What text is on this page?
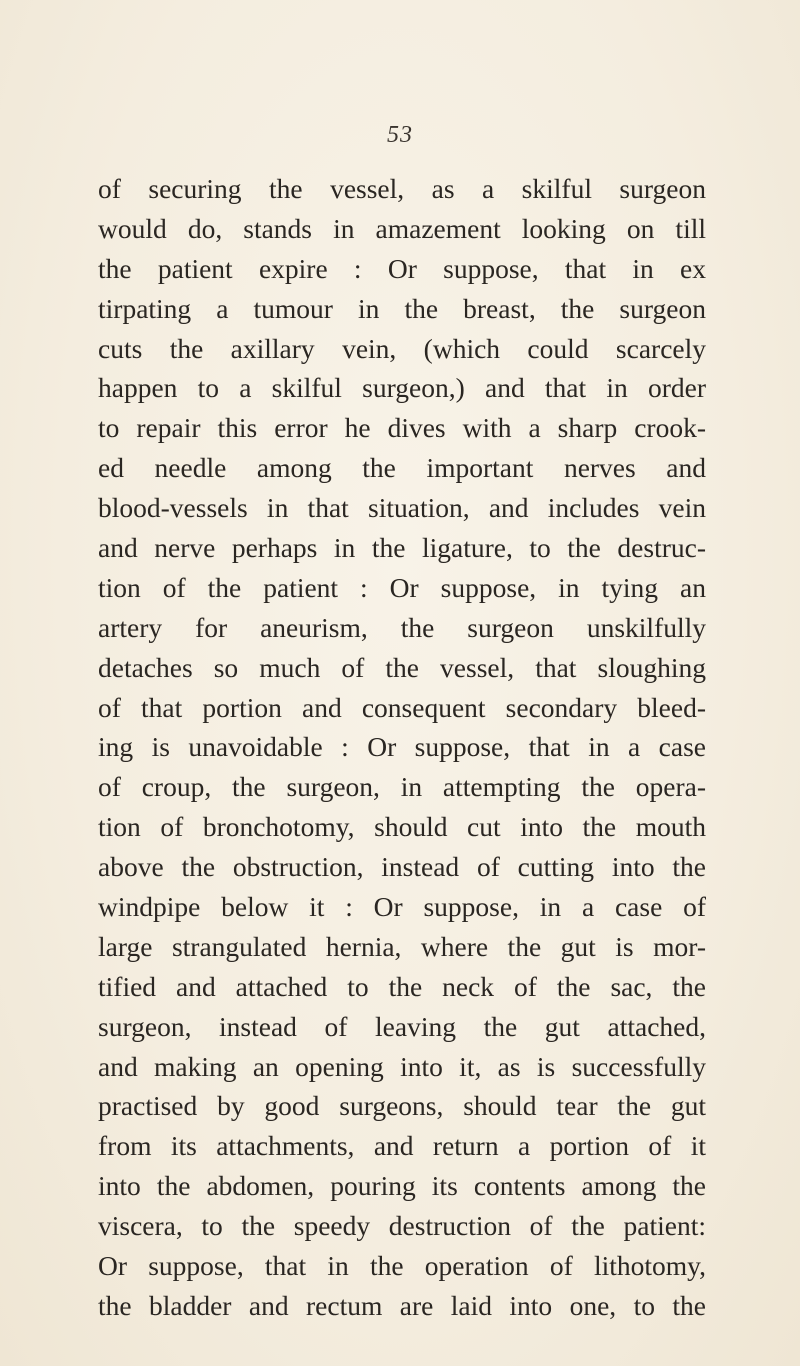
53
of securing the vessel, as a skilful surgeon
would do, stands in amazement looking on till
the patient expire : Or suppose, that in ex
tirpating a tumour in the breast, the surgeon
cuts the axillary vein, (which could scarcely
happen to a skilful surgeon,) and that in order
to repair this error he dives with a sharp crook-
ed needle among the important nerves and
blood-vessels in that situation, and includes vein
and nerve perhaps in the ligature, to the destruc-
tion of the patient : Or suppose, in tying an
artery for aneurism, the surgeon unskilfully
detaches so much of the vessel, that sloughing
of that portion and consequent secondary bleed-
ing is unavoidable : Or suppose, that in a case
of croup, the surgeon, in attempting the opera-
tion of bronchotomy, should cut into the mouth
above the obstruction, instead of cutting into the
windpipe below it : Or suppose, in a case of
large strangulated hernia, where the gut is mor-
tified and attached to the neck of the sac, the
surgeon, instead of leaving the gut attached,
and making an opening into it, as is successfully
practised by good surgeons, should tear the gut
from its attachments, and return a portion of it
into the abdomen, pouring its contents among the
viscera, to the speedy destruction of the patient:
Or suppose, that in the operation of lithotomy,
the bladder and rectum are laid into one, to the
